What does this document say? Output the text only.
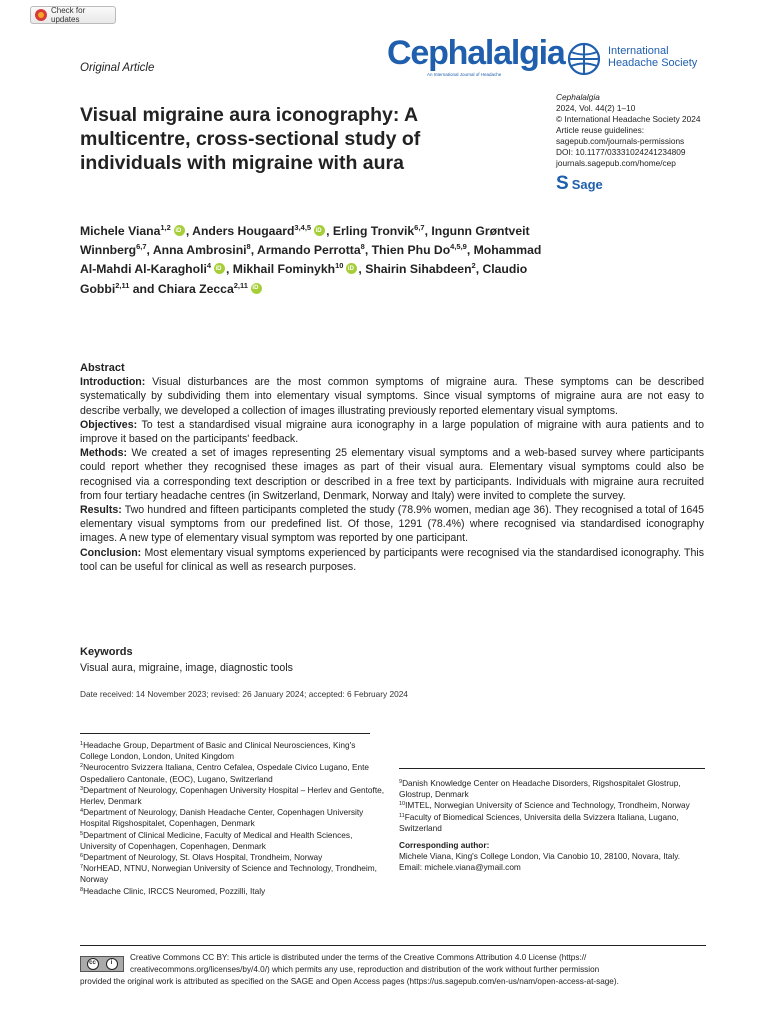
Check for updates
Original Article	Cephalalgia
An International Journal of Headache
International
Headache Society
Cephalalgia
2024, Vol. 44(2) 1–10
© International Headache Society 2024
Article reuse guidelines:
sagepub.com/journals-permissions
DOI: 10.1177/03331024241234809
journals.sagepub.com/home/cep
S Sage
Visual migraine aura iconography: A multicentre, cross-sectional study of individuals with migraine with aura
Michele Viana$^{1,2}$ iD , Anders Hougaard$^{3,4,5}$ iD , Erling Tronvik$^{6,7}$, Ingunn Grøntveit Winnberg$^{6,7}$, Anna Ambrosini$^8$, Armando Perrotta$^8$, Thien Phu Do$^{4,5,9}$, Mohammad Al-Mahdi Al-Karagholi$^4$ iD , Mikhail Fominykh$^{10}$ iD , Shairin Sihabdeen$^2$, Claudio Gobbi$^{2,11}$ and Chiara Zecca$^{2,11}$iD
Abstract

Introduction: Visual disturbances are the most common symptoms of migraine aura. These symptoms can be described systematically by subdividing them into elementary visual symptoms. Since visual symptoms of migraine aura are not easy to describe verbally, we developed a collection of images illustrating previously reported elementary visual symptoms.

Objectives: To test a standardised visual migraine aura iconography in a large population of migraine with aura patients and to improve it based on the participants' feedback.

Methods: We created a set of images representing 25 elementary visual symptoms and a web-based survey where participants could report whether they recognised these images as part of their visual aura. Elementary visual symptoms could also be recognised via a corresponding text description or described in a free text by participants. Individuals with migraine aura recruited from four tertiary headache centres (in Switzerland, Denmark, Norway and Italy) were invited to complete the survey.

Results: Two hundred and fifteen participants completed the study (78.9% women, median age 36). They recognised a total of 1645 elementary visual symptoms from our predefined list. Of those, 1291 (78.4%) where recognised via standardised iconography images. A new type of elementary visual symptom was reported by one participant.

Conclusion: Most elementary visual symptoms experienced by participants were recognised via the standardised iconography. This tool can be useful for clinical as well as research purposes.

Keywords
Visual aura, migraine, image, diagnostic tools
Date received: 14 November 2023; revised: 26 January 2024; accepted: 6 February 2024
$^1$Headache Group, Department of Basic and Clinical Neurosciences, King's College London, London, United Kingdom
$^2$Neurocentro Svizzera Italiana, Centro Cefalea, Ospedale Civico Lugano, Ente Ospedaliero Cantonale, (EOC), Lugano, Switzerland
$^3$Department of Neurology, Copenhagen University Hospital – Herlev and Gentofte, Herlev, Denmark
$^4$Department of Neurology, Danish Headache Center, Copenhagen University Hospital Rigshospitalet, Copenhagen, Denmark
$^5$Department of Clinical Medicine, Faculty of Medical and Health Sciences, University of Copenhagen, Copenhagen, Denmark
$^6$Department of Neurology, St. Olavs Hospital, Trondheim, Norway
$^7$NorHEAD, NTNU, Norwegian University of Science and Technology, Trondheim, Norway
$^8$Headache Clinic, IRCCS Neuromed, Pozzilli, Italy
$^9$Danish Knowledge Center on Headache Disorders, Rigshospitalet Glostrup, Glostrup, Denmark
$^{10}$IMTEL, Norwegian University of Science and Technology, Trondheim, Norway
$^{11}$Faculty of Biomedical Sciences, Universita della Svizzera Italiana, Lugano, Switzerland
Corresponding author:
Michele Viana, King's College London, Via Canobio 10, 28100, Novara, Italy.
Email: michele.viana@ymail.com
cc	i
Creative Commons CC BY: This article is distributed under the terms of the Creative Commons Attribution 4.0 License (https:// creativecommons.org/licenses/by/4.0/) which permits any use, reproduction and distribution of the work without further permission
provided the original work is attributed as specified on the SAGE and Open Access pages (https://us.sagepub.com/en-us/nam/open-access-at-sage).
